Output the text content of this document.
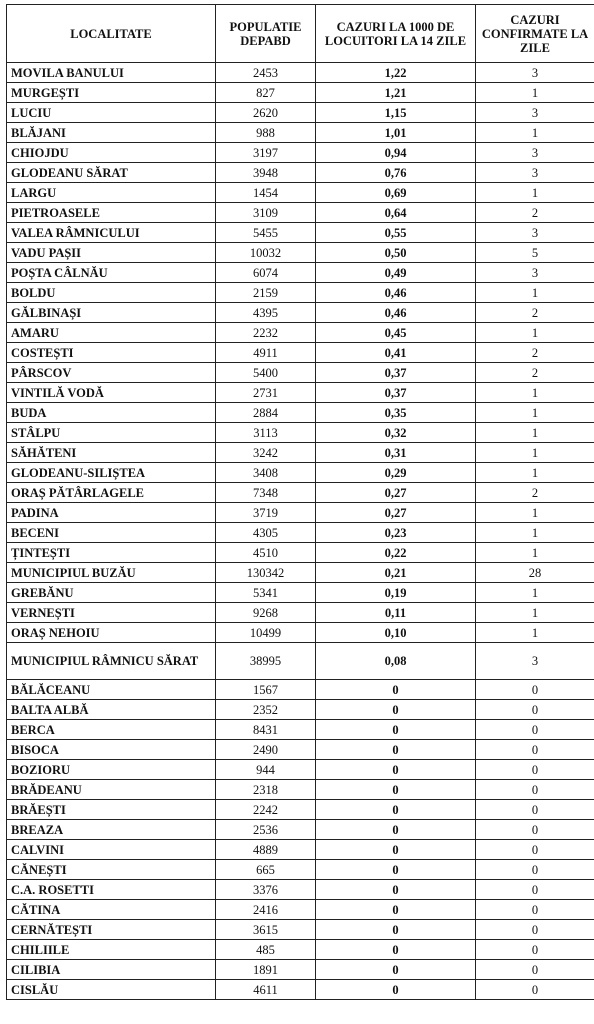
LOCALITATE	POPULATIE DEPABD	CAZURI LA 1000 DE LOCUITORI LA 14 ZILE	CAZURI CONFIRMATE LA ZILE
MOVILA BANULUI	2453	1,22	3
MURGEȘTI	827	1,21	1
LUCIU	2620	1,15	3
BLĂJANI	988	1,01	1
CHIOJDU	3197	0,94	3
GLODEANU SĂRAT	3948	0,76	3
LARGU	1454	0,69	1
PIETROASELE	3109	0,64	2
VALEA RÂMNICULUI	5455	0,55	3
VADU PAȘII	10032	0,50	5
POȘTA CÂLNĂU	6074	0,49	3
BOLDU	2159	0,46	1
GĂLBINAȘI	4395	0,46	2
AMARU	2232	0,45	1
COSTEȘTI	4911	0,41	2
PÂRSCOV	5400	0,37	2
VINTILĂ VODĂ	2731	0,37	1
BUDA	2884	0,35	1
STÂLPU	3113	0,32	1
SĂHĂTENI	3242	0,31	1
GLODEANU-SILIȘTEA	3408	0,29	1
ORAȘ PĂTÂRLAGELE	7348	0,27	2
PADINA	3719	0,27	1
BECENI	4305	0,23	1
ȚINTEȘTI	4510	0,22	1
MUNICIPIUL BUZĂU	130342	0,21	28
GREBĂNU	5341	0,19	1
VERNEȘTI	9268	0,11	1
ORAȘ NEHOIU	10499	0,10	1
MUNICIPIUL RÂMNICU SĂRAT	38995	0,08	3
BĂLĂCEANU	1567	0	0
BALTA ALBĂ	2352	0	0
BERCA	8431	0	0
BISOCA	2490	0	0
BOZIORU	944	0	0
BRĂDEANU	2318	0	0
BRĂEȘTI	2242	0	0
BREAZA	2536	0	0
CALVINI	4889	0	0
CĂNEȘTI	665	0	0
C.A. ROSETTI	3376	0	0
CĂTINA	2416	0	0
CERNĂTEȘTI	3615	0	0
CHILIILE	485	0	0
CILIBIA	1891	0	0
CISLĂU	4611	0	0
